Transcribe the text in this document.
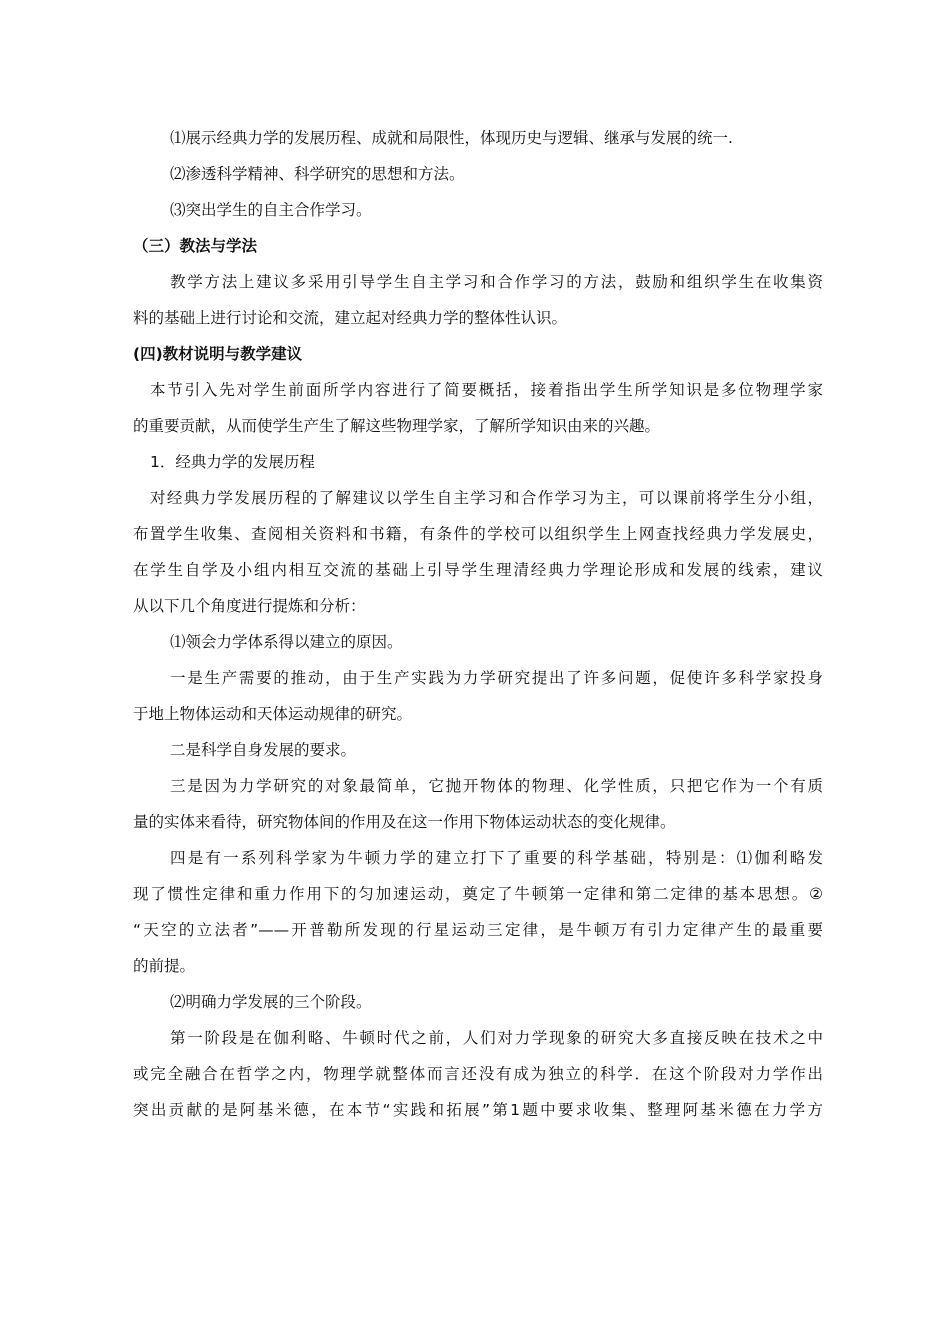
⑴展示经典力学的发展历程、成就和局限性，体现历史与逻辑、继承与发展的统一.
⑵渗透科学精神、科学研究的思想和方法。
⑶突出学生的自主合作学习。
（三）教法与学法
教学方法上建议多采用引导学生自主学习和合作学习的方法，鼓励和组织学生在收集资
料的基础上进行讨论和交流，建立起对经典力学的整体性认识。
(四)教材说明与教学建议
本节引入先对学生前面所学内容进行了简要概括，接着指出学生所学知识是多位物理学家
的重要贡献，从而使学生产生了解这些物理学家，了解所学知识由来的兴趣。
1．经典力学的发展历程
对经典力学发展历程的了解建议以学生自主学习和合作学习为主，可以课前将学生分小组，
布置学生收集、查阅相关资料和书籍，有条件的学校可以组织学生上网查找经典力学发展史，
在学生自学及小组内相互交流的基础上引导学生理清经典力学理论形成和发展的线索，建议
从以下几个角度进行提炼和分析：
⑴领会力学体系得以建立的原因。
一是生产需要的推动，由于生产实践为力学研究提出了许多问题，促使许多科学家投身
于地上物体运动和天体运动规律的研究。
二是科学自身发展的要求。
三是因为力学研究的对象最简单，它抛开物体的物理、化学性质，只把它作为一个有质
量的实体来看待，研究物体间的作用及在这一作用下物体运动状态的变化规律。
四是有一系列科学家为牛顿力学的建立打下了重要的科学基础，特别是：⑴伽利略发
现了惯性定律和重力作用下的匀加速运动，奠定了牛顿第一定律和第二定律的基本思想。②
“天空的立法者”——开普勒所发现的行星运动三定律，是牛顿万有引力定律产生的最重要
的前提。
⑵明确力学发展的三个阶段。
第一阶段是在伽利略、牛顿时代之前，人们对力学现象的研究大多直接反映在技术之中
或完全融合在哲学之内，物理学就整体而言还没有成为独立的科学．在这个阶段对力学作出
突出贡献的是阿基米德，在本节“实践和拓展”第1题中要求收集、整理阿基米德在力学方
